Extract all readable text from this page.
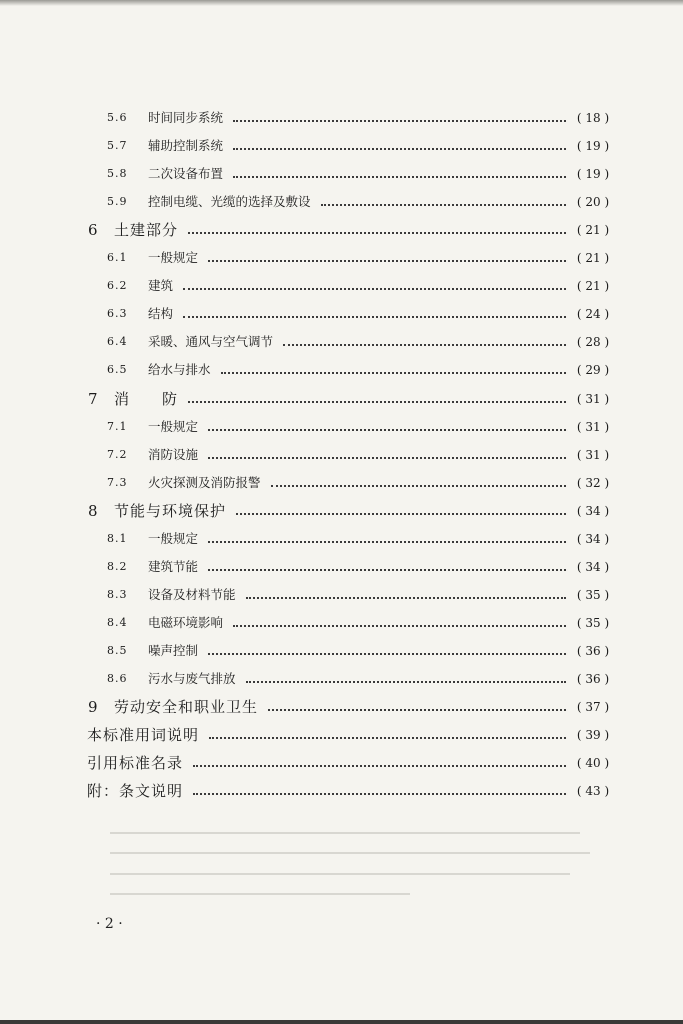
5.6 时间同步系统	( 18 )
5.7 辅助控制系统	( 19 )
5.8 二次设备布置	( 19 )
5.9 控制电缆、光缆的选择及敷设	( 20 )
6 土建部分	( 21 )
6.1 一般规定	( 21 )
6.2 建筑	( 21 )
6.3 结构	( 24 )
6.4 采暖、通风与空气调节	( 28 )
6.5 给水与排水	( 29 )
7 消　　防	( 31 )
7.1 一般规定	( 31 )
7.2 消防设施	( 31 )
7.3 火灾探测及消防报警	( 32 )
8 节能与环境保护	( 34 )
8.1 一般规定	( 34 )
8.2 建筑节能	( 34 )
8.3 设备及材料节能	( 35 )
8.4 电磁环境影响	( 35 )
8.5 噪声控制	( 36 )
8.6 污水与废气排放	( 36 )
9 劳动安全和职业卫生	( 37 )
本标准用词说明	( 39 )
引用标准名录	( 40 )
附：条文说明	( 43 )
· 2 ·
